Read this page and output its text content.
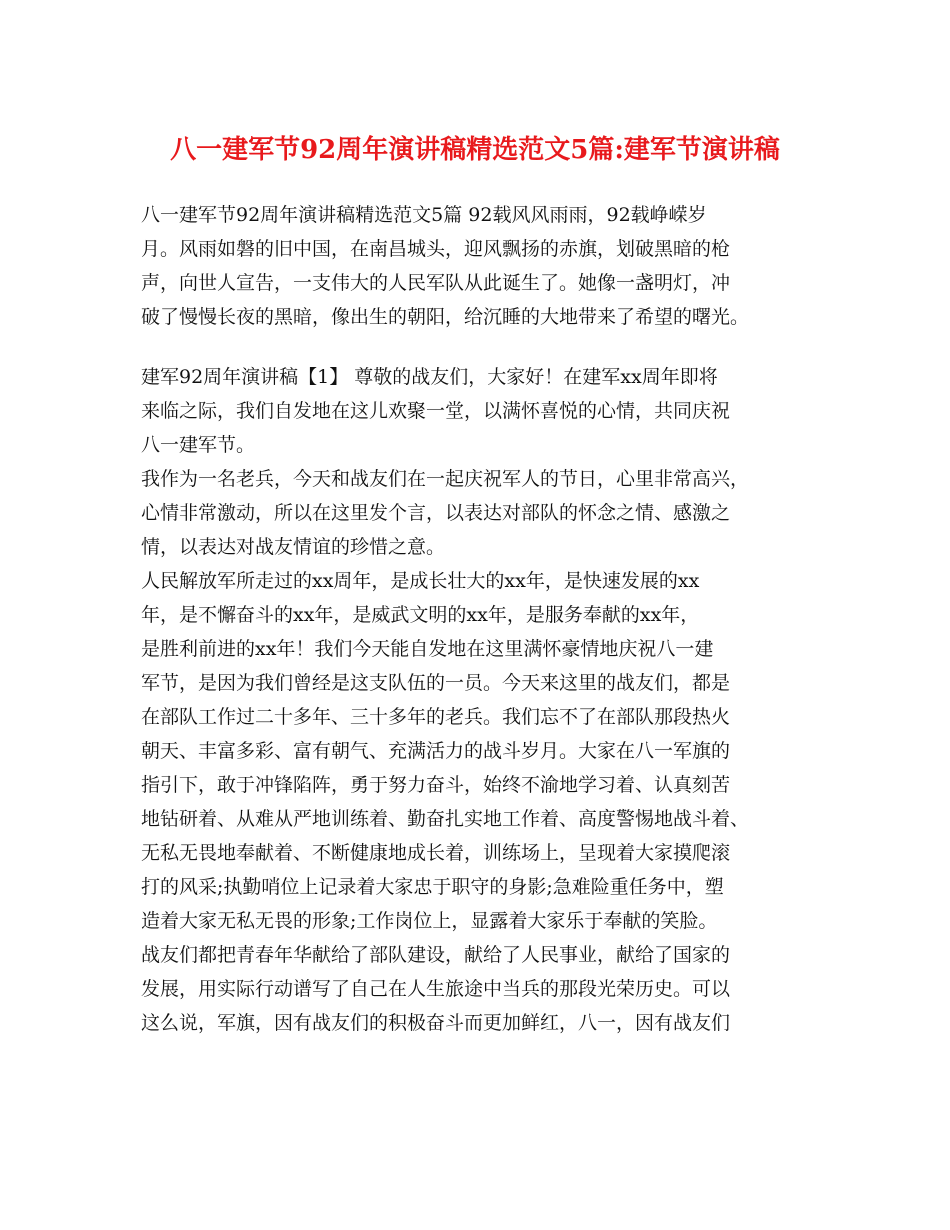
八一建军节92周年演讲稿精选范文5篇:建军节演讲稿
八一建军节92周年演讲稿精选范文5篇 92载风风雨雨，92载峥嵘岁
月。风雨如磐的旧中国，在南昌城头，迎风飘扬的赤旗，划破黑暗的枪
声，向世人宣告，一支伟大的人民军队从此诞生了。她像一盏明灯，冲
破了慢慢长夜的黑暗，像出生的朝阳，给沉睡的大地带来了希望的曙光。
建军92周年演讲稿【1】 尊敬的战友们，大家好！在建军xx周年即将
来临之际，我们自发地在这儿欢聚一堂，以满怀喜悦的心情，共同庆祝
八一建军节。
我作为一名老兵，今天和战友们在一起庆祝军人的节日，心里非常高兴，
心情非常激动，所以在这里发个言，以表达对部队的怀念之情、感激之
情，以表达对战友情谊的珍惜之意。
人民解放军所走过的xx周年，是成长壮大的xx年，是快速发展的xx
年，是不懈奋斗的xx年，是威武文明的xx年，是服务奉献的xx年，
是胜利前进的xx年！我们今天能自发地在这里满怀豪情地庆祝八一建
军节，是因为我们曾经是这支队伍的一员。今天来这里的战友们，都是
在部队工作过二十多年、三十多年的老兵。我们忘不了在部队那段热火
朝天、丰富多彩、富有朝气、充满活力的战斗岁月。大家在八一军旗的
指引下，敢于冲锋陷阵，勇于努力奋斗，始终不渝地学习着、认真刻苦
地钻研着、从难从严地训练着、勤奋扎实地工作着、高度警惕地战斗着、
无私无畏地奉献着、不断健康地成长着，训练场上，呈现着大家摸爬滚
打的风采;执勤哨位上记录着大家忠于职守的身影;急难险重任务中，塑
造着大家无私无畏的形象;工作岗位上，显露着大家乐于奉献的笑脸。
战友们都把青春年华献给了部队建设，献给了人民事业，献给了国家的
发展，用实际行动谱写了自己在人生旅途中当兵的那段光荣历史。可以
这么说，军旗，因有战友们的积极奋斗而更加鲜红，八一，因有战友们
